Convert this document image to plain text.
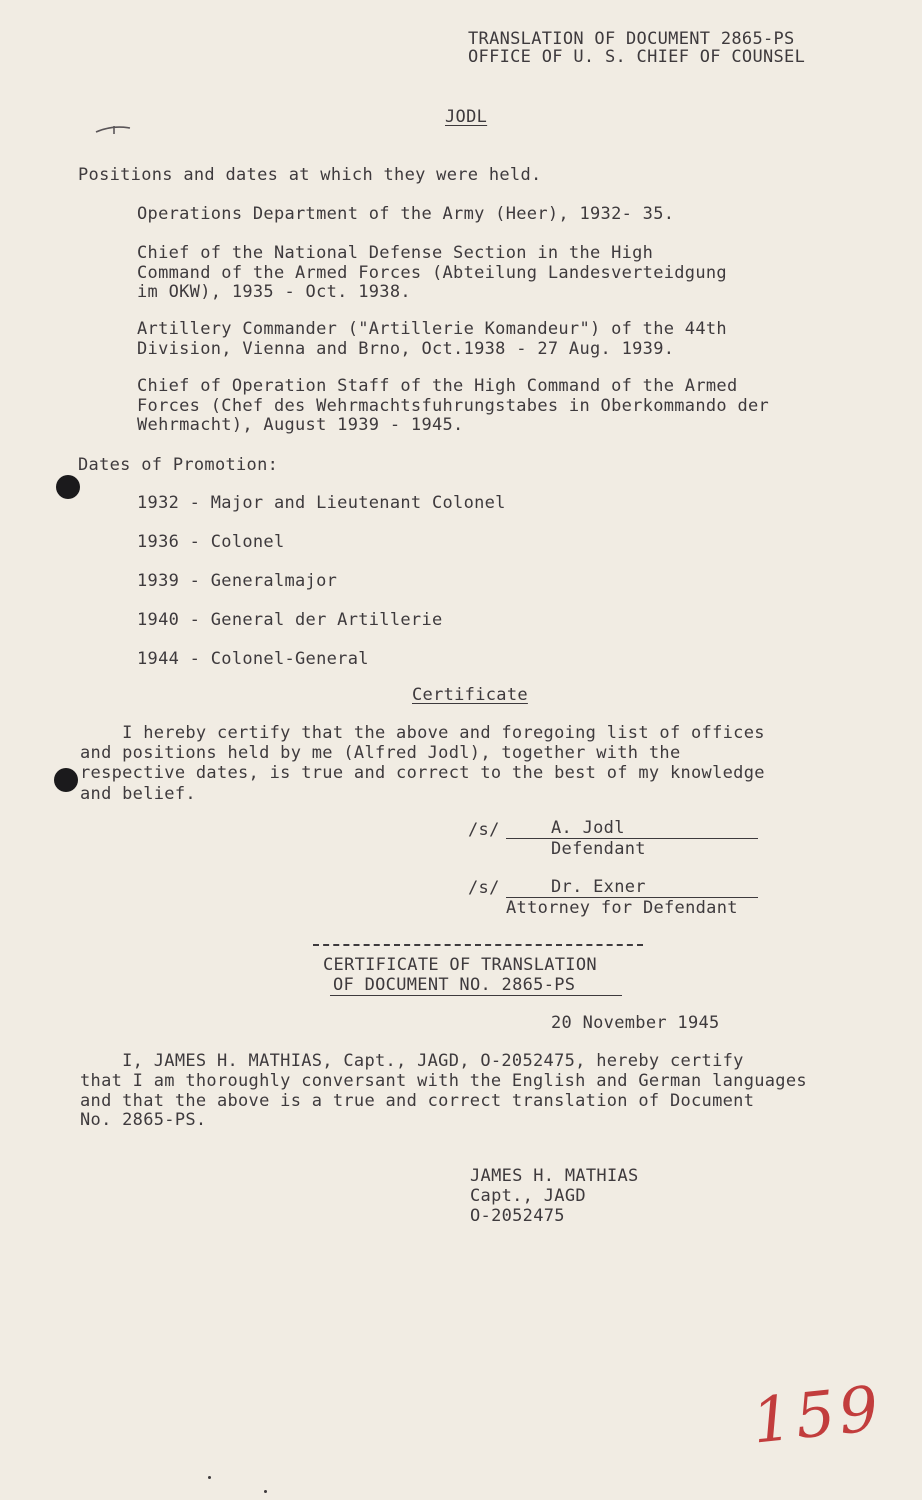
TRANSLATION OF DOCUMENT 2865-PS
OFFICE OF U. S. CHIEF OF COUNSEL
JODL
Positions and dates at which they were held.
Operations Department of the Army (Heer), 1932- 35.
Chief of the National Defense Section in the High
Command of the Armed Forces (Abteilung Landesverteidgung
im OKW), 1935 - Oct. 1938.
Artillery Commander ("Artillerie Komandeur") of the 44th
Division, Vienna and Brno, Oct.1938 - 27 Aug. 1939.
Chief of Operation Staff of the High Command of the Armed
Forces (Chef des Wehrmachtsfuhrungstabes in Oberkommando der
Wehrmacht), August 1939 - 1945.
Dates of Promotion:
1932 - Major and Lieutenant Colonel
1936 - Colonel
1939 - Generalmajor
1940 - General der Artillerie
1944 - Colonel-General
Certificate
I hereby certify that the above and foregoing list of offices
and positions held by me (Alfred Jodl), together with the
respective dates, is true and correct to the best of my knowledge
and belief.
/s/	A. Jodl
Defendant
/s/	Dr. Exner
Attorney for Defendant
CERTIFICATE OF TRANSLATION
OF DOCUMENT NO. 2865-PS
20 November 1945
I, JAMES H. MATHIAS, Capt., JAGD, O-2052475, hereby certify
that I am thoroughly conversant with the English and German languages
and that the above is a true and correct translation of Document
No. 2865-PS.
JAMES H. MATHIAS
Capt., JAGD
O-2052475
159
